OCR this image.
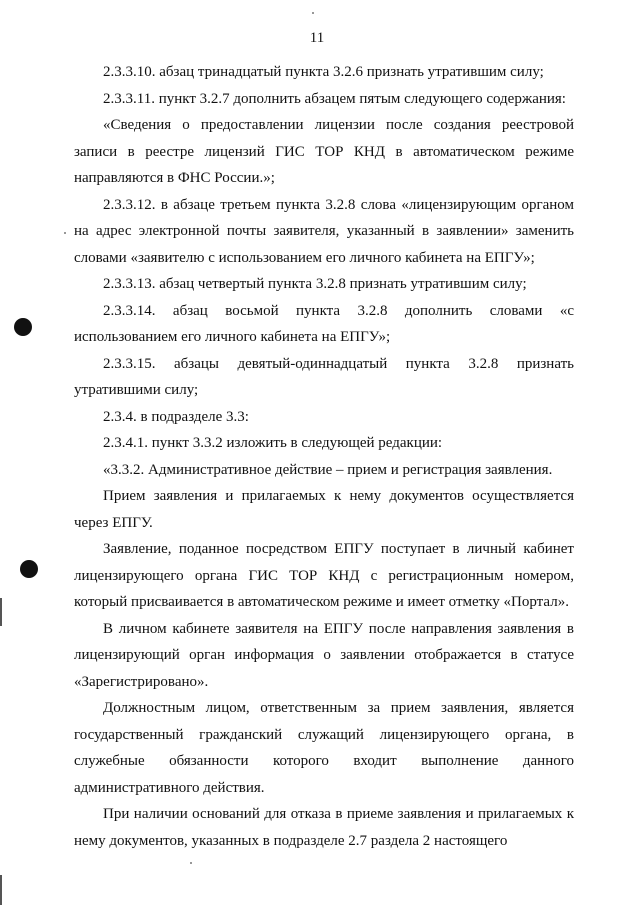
11

2.3.3.10. абзац тринадцатый пункта 3.2.6 признать утратившим силу;

2.3.3.11. пункт 3.2.7 дополнить абзацем пятым следующего содержания:

«Сведения о предоставлении лицензии после создания реестровой записи в реестре лицензий ГИС ТОР КНД в автоматическом режиме направляются в ФНС России.»;

2.3.3.12. в абзаце третьем пункта 3.2.8 слова «лицензирующим органом на адрес электронной почты заявителя, указанный в заявлении» заменить словами «заявителю с использованием его личного кабинета на ЕПГУ»;

2.3.3.13. абзац четвертый пункта 3.2.8 признать утратившим силу;

2.3.3.14. абзац восьмой пункта 3.2.8 дополнить словами «с использованием его личного кабинета на ЕПГУ»;

2.3.3.15. абзацы девятый-одиннадцатый пункта 3.2.8 признать утратившими силу;

2.3.4. в подразделе 3.3:

2.3.4.1. пункт 3.3.2 изложить в следующей редакции:

«3.3.2. Административное действие – прием и регистрация заявления.

Прием заявления и прилагаемых к нему документов осуществляется через ЕПГУ.

Заявление, поданное посредством ЕПГУ поступает в личный кабинет лицензирующего органа ГИС ТОР КНД с регистрационным номером, который присваивается в автоматическом режиме и имеет отметку «Портал».

В личном кабинете заявителя на ЕПГУ после направления заявления в лицензирующий орган информация о заявлении отображается в статусе «Зарегистрировано».

Должностным лицом, ответственным за прием заявления, является государственный гражданский служащий лицензирующего органа, в служебные обязанности которого входит выполнение данного административного действия.

При наличии оснований для отказа в приеме заявления и прилагаемых к нему документов, указанных в подразделе 2.7 раздела 2 настоящего
